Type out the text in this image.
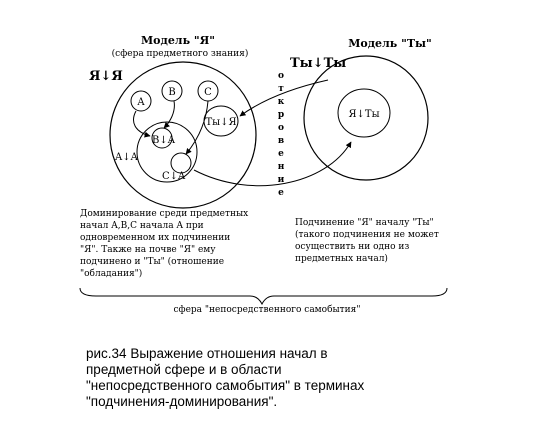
Модель "Я"
(сфера предметного знания)
Я↓Я
Модель "Ты"
Ты↓Ты
A
B	C
Ты↓Я
B↓A
C↓A
A↓A
Я↓Ты
о
т
к
р
о
в
е
н
и
е
Доминирование среди предметных
начал A,B,C начала A при
одновременном их подчинении
"Я". Также на почве "Я" ему
подчинено и "Ты" (отношение
"обладания")
Подчинение "Я" началу "Ты"
(такого подчинения не может
осуществить ни одно из
предметных начал)
сфера "непосредственного самобытия"
рис.34 Выражение отношения начал в
предметной сфере и в области
"непосредственного самобытия" в терминах
"подчинения-доминирования".
